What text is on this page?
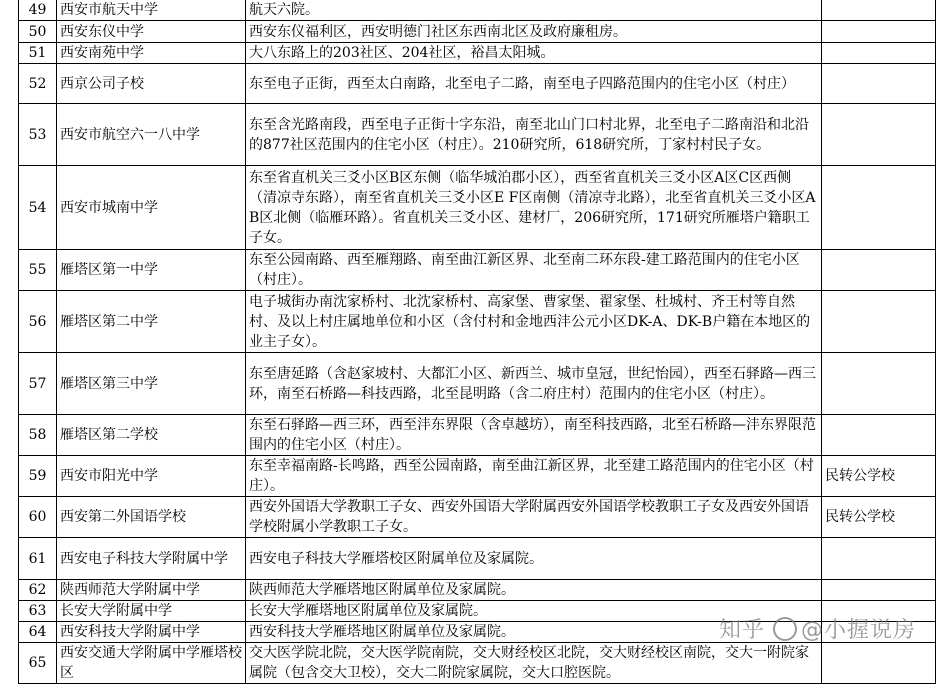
49	西安市航天中学	航天六院。	
50	西安东仪中学	西安东仪福利区，西安明德门社区东西南北区及政府廉租房。	
51	西安南苑中学	大八东路上的203社区、204社区，裕昌太阳城。	
52	西京公司子校	东至电子正街，西至太白南路，北至电子二路，南至电子四路范围内的住宅小区（村庄）	
53	西安市航空六一八中学	东至含光路南段，西至电子正街十字东沿，南至北山门口村北界，北至电子二路南沿和北沿的877社区范围内的住宅小区（村庄）。210研究所，618研究所，丁家村村民子女。	
54	西安市城南中学	东至省直机关三爻小区B区东侧（临华城泊郡小区），西至省直机关三爻小区A区C区西侧（清凉寺东路），南至省直机关三爻小区E F区南侧（清凉寺北路），北至省直机关三爻小区A B区北侧（临雁环路）。省直机关三爻小区、建材厂，206研究所，171研究所雁塔户籍职工子女。	
55	雁塔区第一中学	东至公园南路、西至雁翔路、南至曲江新区界、北至南二环东段-建工路范围内的住宅小区（村庄）。	
56	雁塔区第二中学	电子城街办南沈家桥村、北沈家桥村、高家堡、曹家堡、翟家堡、杜城村、齐王村等自然村、及以上村庄属地单位和小区（含付村和金地西沣公元小区DK-A、DK-B户籍在本地区的业主子女）。	
57	雁塔区第三中学	东至唐延路（含赵家坡村、大都汇小区、新西兰、城市皇冠，世纪怡园），西至石驿路—西三环，南至石桥路—科技西路，北至昆明路（含二府庄村）范围内的住宅小区（村庄）。	
58	雁塔区第二学校	东至石驿路—西三环，西至沣东界限（含卓越坊），南至科技西路，北至石桥路—沣东界限范围内的住宅小区（村庄）。	
59	西安市阳光中学	东至幸福南路-长鸣路，西至公园南路，南至曲江新区界，北至建工路范围内的住宅小区（村庄）。	民转公学校
60	西安第二外国语学校	西安外国语大学教职工子女、西安外国语大学附属西安外国语学校教职工子女及西安外国语学校附属小学教职工子女。	民转公学校
61	西安电子科技大学附属中学	西安电子科技大学雁塔校区附属单位及家属院。	
62	陕西师范大学附属中学	陕西师范大学雁塔地区附属单位及家属院。	
63	长安大学附属中学	长安大学雁塔地区附属单位及家属院。	
64	西安科技大学附属中学	西安科技大学雁塔地区附属单位及家属院。	
65	西安交通大学附属中学雁塔校区	交大医学院北院，交大医学院南院，交大财经校区北院，交大财经校区南院，交大一附院家属院（包含交大卫校），交大二附院家属院，交大口腔医院。	
知乎 @小握说房
